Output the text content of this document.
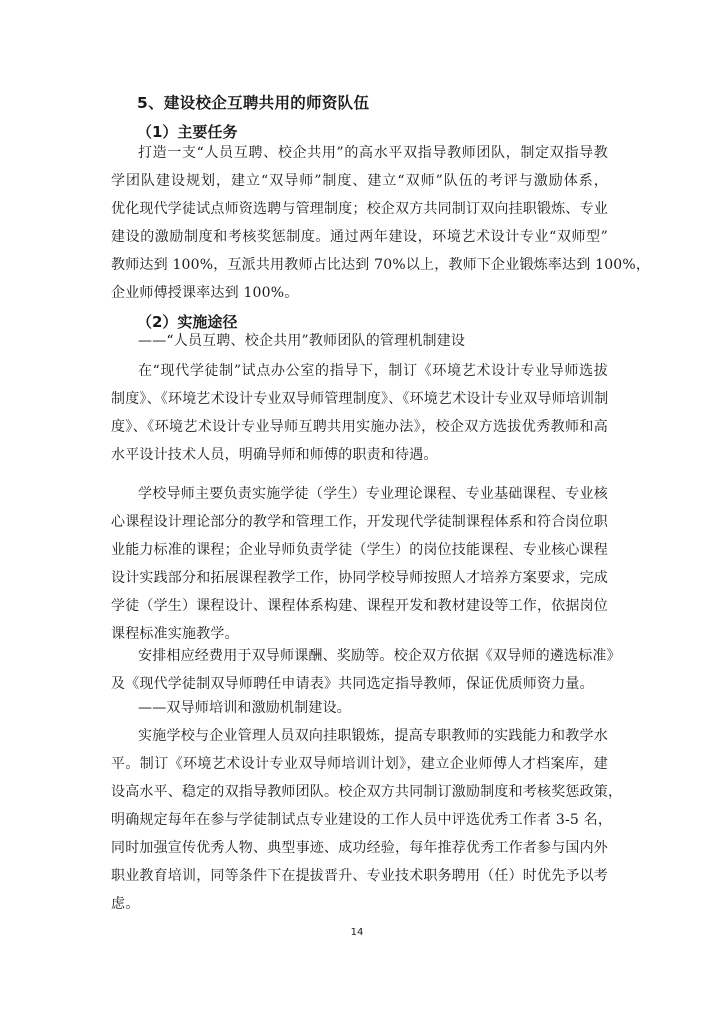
5、建设校企互聘共用的师资队伍
（1）主要任务
打造一支“人员互聘、校企共用”的高水平双指导教师团队，制定双指导教
学团队建设规划，建立“双导师”制度、建立“双师”队伍的考评与激励体系，
优化现代学徒试点师资选聘与管理制度；校企双方共同制订双向挂职锻炼、专业
建设的激励制度和考核奖惩制度。通过两年建设，环境艺术设计专业“双师型”
教师达到 100%，互派共用教师占比达到 70%以上，教师下企业锻炼率达到 100%，
企业师傅授课率达到 100%。
（2）实施途径
——“人员互聘、校企共用”教师团队的管理机制建设
在“现代学徒制”试点办公室的指导下，制订《环境艺术设计专业导师选拔
制度》、《环境艺术设计专业双导师管理制度》、《环境艺术设计专业双导师培训制
度》、《环境艺术设计专业导师互聘共用实施办法》，校企双方选拔优秀教师和高
水平设计技术人员，明确导师和师傅的职责和待遇。
学校导师主要负责实施学徒（学生）专业理论课程、专业基础课程、专业核
心课程设计理论部分的教学和管理工作，开发现代学徒制课程体系和符合岗位职
业能力标准的课程；企业导师负责学徒（学生）的岗位技能课程、专业核心课程
设计实践部分和拓展课程教学工作，协同学校导师按照人才培养方案要求，完成
学徒（学生）课程设计、课程体系构建、课程开发和教材建设等工作，依据岗位
课程标准实施教学。
安排相应经费用于双导师课酬、奖励等。校企双方依据《双导师的遴选标准》
及《现代学徒制双导师聘任申请表》共同选定指导教师，保证优质师资力量。
——双导师培训和激励机制建设。
实施学校与企业管理人员双向挂职锻炼，提高专职教师的实践能力和教学水
平。制订《环境艺术设计专业双导师培训计划》，建立企业师傅人才档案库，建
设高水平、稳定的双指导教师团队。校企双方共同制订激励制度和考核奖惩政策，
明确规定每年在参与学徒制试点专业建设的工作人员中评选优秀工作者 3-5 名，
同时加强宣传优秀人物、典型事迹、成功经验，每年推荐优秀工作者参与国内外
职业教育培训，同等条件下在提拔晋升、专业技术职务聘用（任）时优先予以考
虑。
14
